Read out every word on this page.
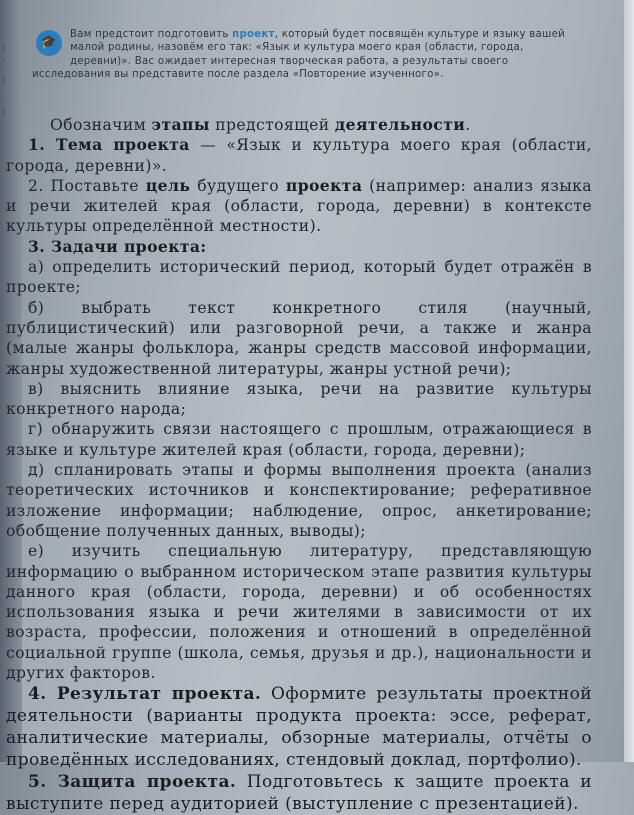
|
ˇ
|
·
|
🎓
Вам предстоит подготовить проект, который будет посвящён культуре и языку вашей малой родины, назовём его так: «Язык и культура моего края (области, города, деревни)». Вас ожидает интересная творческая работа, а результаты своего исследования вы представите после раздела «Повторение изученного».

Обозначим этапы предстоящей деятельности.

1. Тема проекта — «Язык и культура моего края (области, города, деревни)».

2. Поставьте цель будущего проекта (например: анализ языка и речи жителей края (области, города, деревни) в контексте культуры определённой местности).

3. Задачи проекта:

а) определить исторический период, который будет отражён в проекте;

б) выбрать текст конкретного стиля (научный, публицистический) или разговорной речи, а также и жанра (малые жанры фольклора, жанры средств массовой информации, жанры художественной литературы, жанры устной речи);

в) выяснить влияние языка, речи на развитие культуры конкретного народа;

г) обнаружить связи настоящего с прошлым, отражающиеся в языке и культуре жителей края (области, города, деревни);

д) спланировать этапы и формы выполнения проекта (анализ теоретических источников и конспектирование; реферативное изложение информации; наблюдение, опрос, анкетирование; обобщение полученных данных, выводы);

е) изучить специальную литературу, представляющую информацию о выбранном историческом этапе развития культуры данного края (области, города, деревни) и об особенностях использования языка и речи жителями в зависимости от их возраста, профессии, положения и отношений в определённой социальной группе (школа, семья, друзья и др.), национальности и других факторов.

4. Результат проекта. Оформите результаты проектной деятельности (варианты продукта проекта: эссе, реферат, аналитические материалы, обзорные материалы, отчёты о проведённых исследованиях, стендовый доклад, портфолио).

5. Защита проекта. Подготовьтесь к защите проекта и выступите перед аудиторией (выступление с презентацией).
